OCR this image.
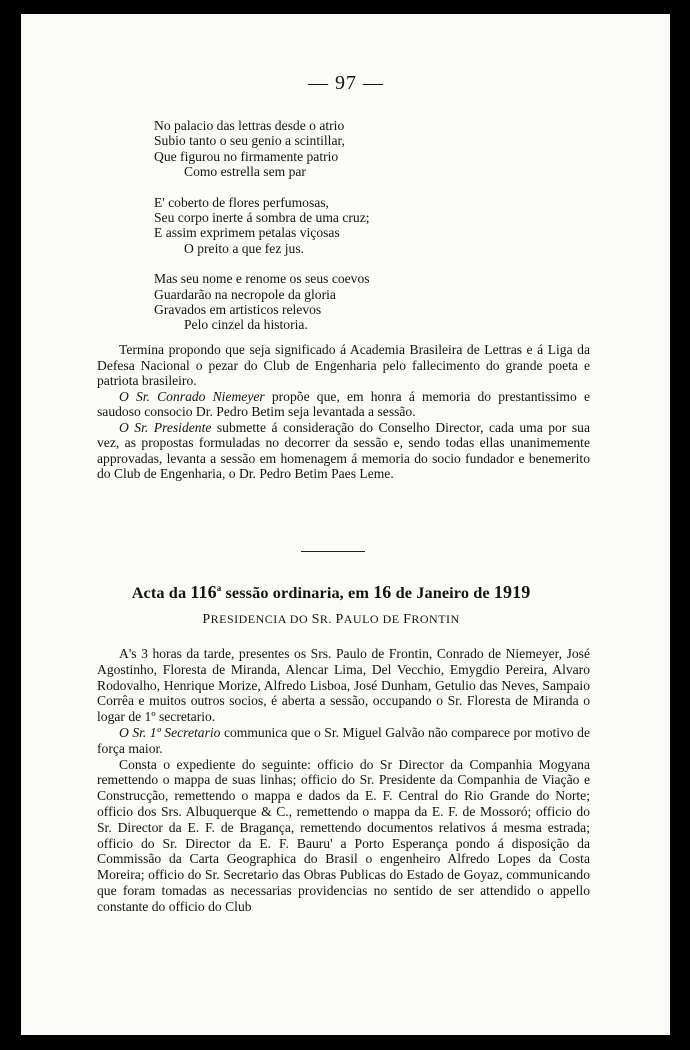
— 97 —
No palacio das lettras desde o atrio
Subio tanto o seu genio a scintillar,
Que figurou no firmamente patrio
Como estrella sem par
E' coberto de flores perfumosas,
Seu corpo inerte á sombra de uma cruz;
E assim exprimem petalas viçosas
O preito a que fez jus.
Mas seu nome e renome os seus coevos
Guardarão na necropole da gloria
Gravados em artisticos relevos
Pelo cinzel da historia.

Termina propondo que seja significado á Academia Brasileira de Lettras e á Liga da Defesa Nacional o pezar do Club de Engenharia pelo fallecimento do grande poeta e patriota brasileiro.

O Sr. Conrado Niemeyer propõe que, em honra á memoria do prestantissimo e saudoso consocio Dr. Pedro Betim seja levantada a sessão.

O Sr. Presidente submette á consideração do Conselho Director, cada uma por sua vez, as propostas formuladas no decorrer da sessão e, sendo todas ellas unanimemente approvadas, levanta a sessão em homenagem á memoria do socio fundador e benemerito do Club de Engenharia, o Dr. Pedro Betim Paes Leme.

Acta da 116$^a$ sessão ordinaria, em 16 de Janeiro de 1919
PRESIDENCIA DO SR. PAULO DE FRONTIN

A's 3 horas da tarde, presentes os Srs. Paulo de Frontin, Conrado de Niemeyer, José Agostinho, Floresta de Miranda, Alencar Lima, Del Vecchio, Emygdio Pereira, Alvaro Rodovalho, Henrique Morize, Alfredo Lisboa, José Dunham, Getulio das Neves, Sampaio Corrêa e muitos outros socios, é aberta a sessão, occupando o Sr. Floresta de Miranda o logar de 1º secretario.

O Sr. 1º Secretario communica que o Sr. Miguel Galvão não comparece por motivo de força maior.

Consta o expediente do seguinte: officio do Sr Director da Companhia Mogyana remettendo o mappa de suas linhas; officio do Sr. Presidente da Companhia de Viação e Construcção, remettendo o mappa e dados da E. F. Central do Rio Grande do Norte; officio dos Srs. Albuquerque & C., remettendo o mappa da E. F. de Mossoró; officio do Sr. Director da E. F. de Bragança, remettendo documentos relativos á mesma estrada; officio do Sr. Director da E. F. Bauru' a Porto Esperança pondo á disposição da Commissão da Carta Geographica do Brasil o engenheiro Alfredo Lopes da Costa Moreira; officio do Sr. Secretario das Obras Publicas do Estado de Goyaz, communicando que foram tomadas as necessarias providencias no sentido de ser attendido o appello constante do officio do Club
